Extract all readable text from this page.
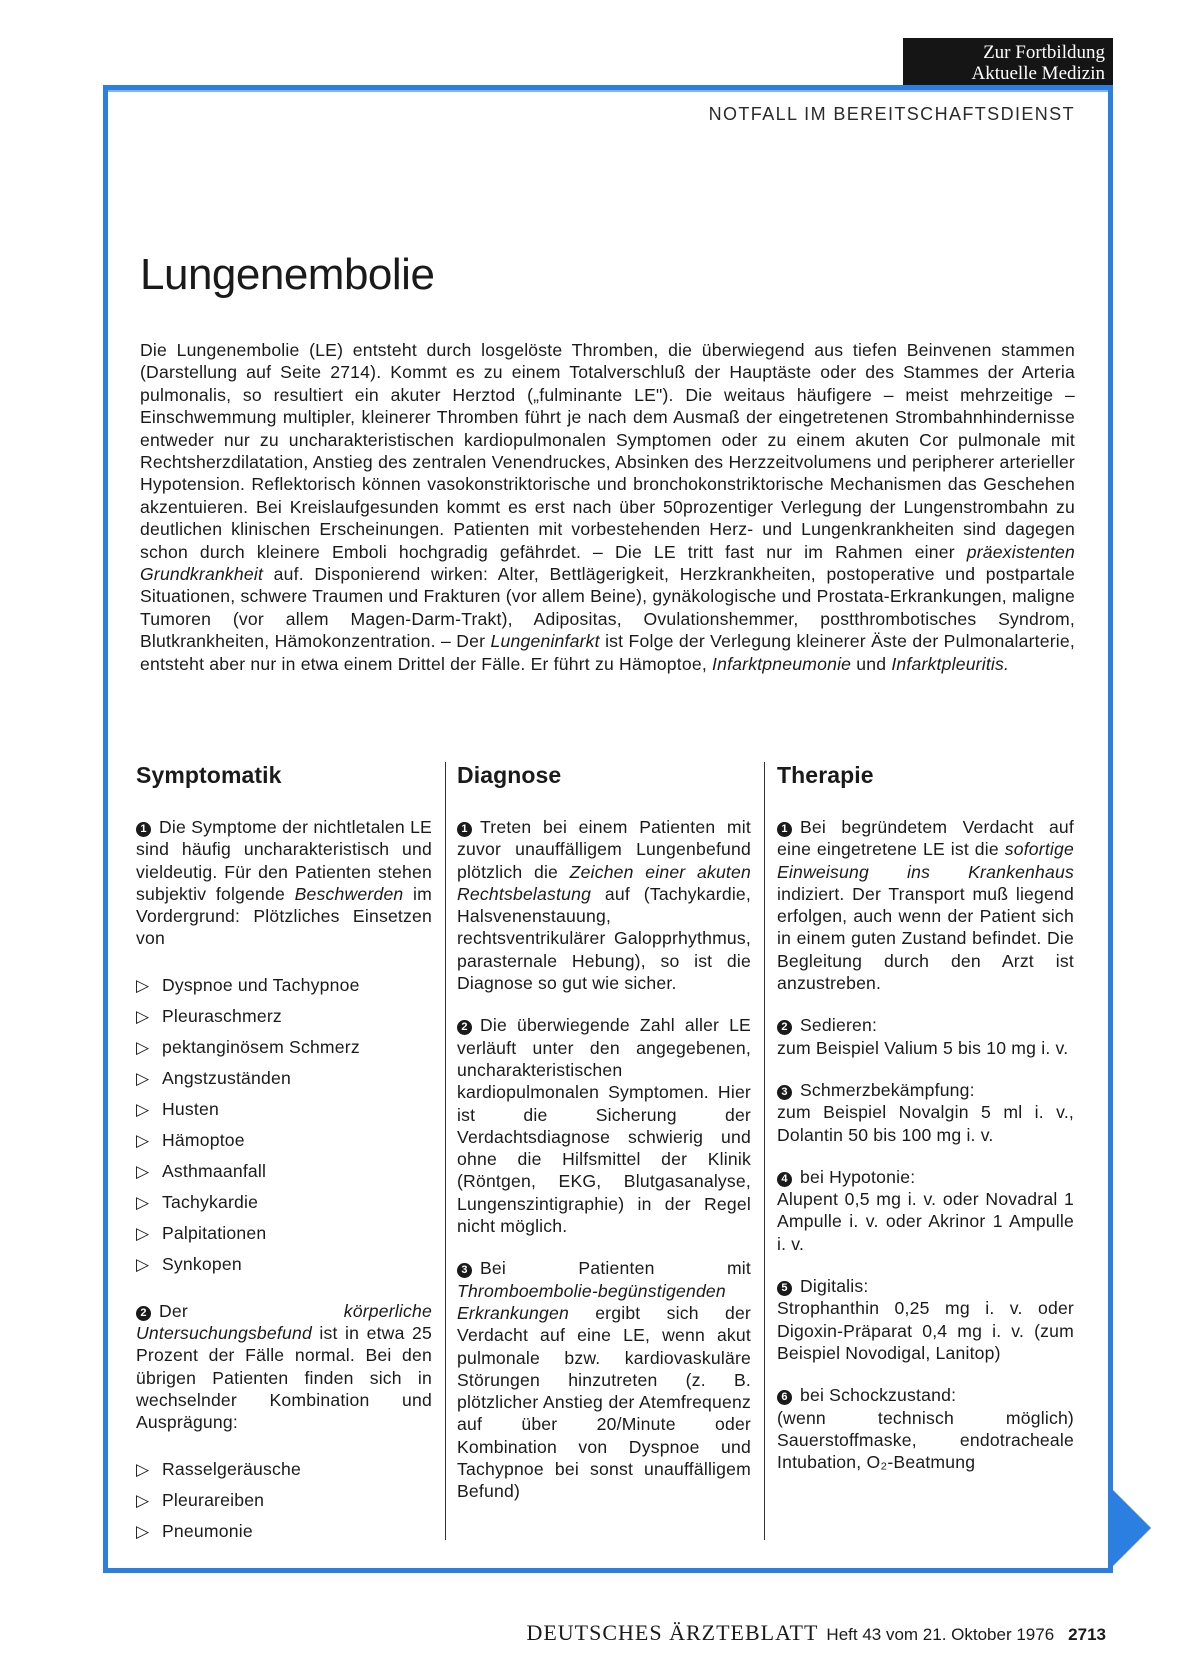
Zur Fortbildung
Aktuelle Medizin
NOTFALL IM BEREITSCHAFTSDIENST
Lungenembolie

Die Lungenembolie (LE) entsteht durch losgelöste Thromben, die überwiegend aus tiefen Beinvenen stammen (Darstellung auf Seite 2714). Kommt es zu einem Totalverschluß der Hauptäste oder des Stammes der Arteria pulmonalis, so resultiert ein akuter Herztod („fulminante LE"). Die weitaus häufigere – meist mehrzeitige – Einschwemmung multipler, kleinerer Thromben führt je nach dem Ausmaß der eingetretenen Strombahnhindernisse entweder nur zu uncharakteristischen kardiopulmonalen Symptomen oder zu einem akuten Cor pulmonale mit Rechtsherzdilatation, Anstieg des zentralen Venendruckes, Absinken des Herzzeitvolumens und peripherer arterieller Hypotension. Reflektorisch können vasokonstriktorische und bronchokonstriktorische Mechanismen das Geschehen akzentuieren. Bei Kreislaufgesunden kommt es erst nach über 50prozentiger Verlegung der Lungenstrombahn zu deutlichen klinischen Erscheinungen. Patienten mit vorbestehenden Herz- und Lungenkrankheiten sind dagegen schon durch kleinere Emboli hochgradig gefährdet. – Die LE tritt fast nur im Rahmen einer präexistenten Grundkrankheit auf. Disponierend wirken: Alter, Bettlägerigkeit, Herzkrankheiten, postoperative und postpartale Situationen, schwere Traumen und Frakturen (vor allem Beine), gynäkologische und Prostata-Erkrankungen, maligne Tumoren (vor allem Magen-Darm-Trakt), Adipositas, Ovulationshemmer, postthrombotisches Syndrom, Blutkrankheiten, Hämokonzentration. – Der Lungeninfarkt ist Folge der Verlegung kleinerer Äste der Pulmonalarterie, entsteht aber nur in etwa einem Drittel der Fälle. Er führt zu Hämoptoe, Infarktpneumonie und Infarktpleuritis.

Symptomatik

1 Die Symptome der nichtletalen LE sind häufig uncharakteristisch und vieldeutig. Für den Patienten stehen subjektiv folgende Beschwerden im Vordergrund: Plötzliches Einsetzen von

▷ Dyspnoe und Tachypnoe
▷ Pleuraschmerz
▷ pektanginösem Schmerz
▷ Angstzuständen
▷ Husten
▷ Hämoptoe
▷ Asthmaanfall
▷ Tachykardie
▷ Palpitationen
▷ Synkopen

2 Der	körperliche Untersuchungsbefund ist in etwa 25 Prozent der Fälle normal. Bei den übrigen Patienten finden sich in wechselnder Kombination und Ausprägung:

▷ Rasselgeräusche
▷ Pleurareiben
▷ Pneumonie
Diagnose

1 Treten bei einem Patienten mit zuvor unauffälligem Lungenbefund plötzlich die Zeichen einer akuten Rechtsbelastung auf (Tachykardie, Halsvenenstauung, rechtsventrikulärer Galopprhythmus, parasternale Hebung), so ist die Diagnose so gut wie sicher.

2 Die überwiegende Zahl aller LE verläuft unter den angegebenen, uncharakteristischen kardiopulmonalen Symptomen. Hier ist die Sicherung der Verdachtsdiagnose schwierig und ohne die Hilfsmittel der Klinik (Röntgen, EKG, Blutgasanalyse, Lungenszintigraphie) in der Regel nicht möglich.

3 Bei Patienten mit Thromboembolie-begünstigenden Erkrankungen ergibt sich der Verdacht auf eine LE, wenn akut pulmonale bzw. kardiovaskuläre Störungen hinzutreten (z. B. plötzlicher Anstieg der Atemfrequenz auf über 20/Minute oder Kombination von Dyspnoe und Tachypnoe bei sonst unauffälligem Befund)

Therapie

1 Bei begründetem Verdacht auf eine eingetretene LE ist die sofortige Einweisung ins Krankenhaus indiziert. Der Transport muß liegend erfolgen, auch wenn der Patient sich in einem guten Zustand befindet. Die Begleitung durch den Arzt ist anzustreben.

2 Sedieren:
zum Beispiel Valium 5 bis 10 mg i. v.

3 Schmerzbekämpfung:
zum Beispiel Novalgin 5 ml i. v., Dolantin 50 bis 100 mg i. v.

4 bei Hypotonie:
Alupent 0,5 mg i. v. oder Novadral 1 Ampulle i. v. oder Akrinor 1 Ampulle i. v.

5 Digitalis:
Strophanthin 0,25 mg i. v. oder Digoxin-Präparat 0,4 mg i. v. (zum Beispiel Novodigal, Lanitop)

6 bei Schockzustand:
(wenn technisch möglich) Sauerstoffmaske, endotracheale Intubation, O₂-Beatmung

DEUTSCHES ÄRZTEBLATT Heft 43 vom 21. Oktober 1976 2713
